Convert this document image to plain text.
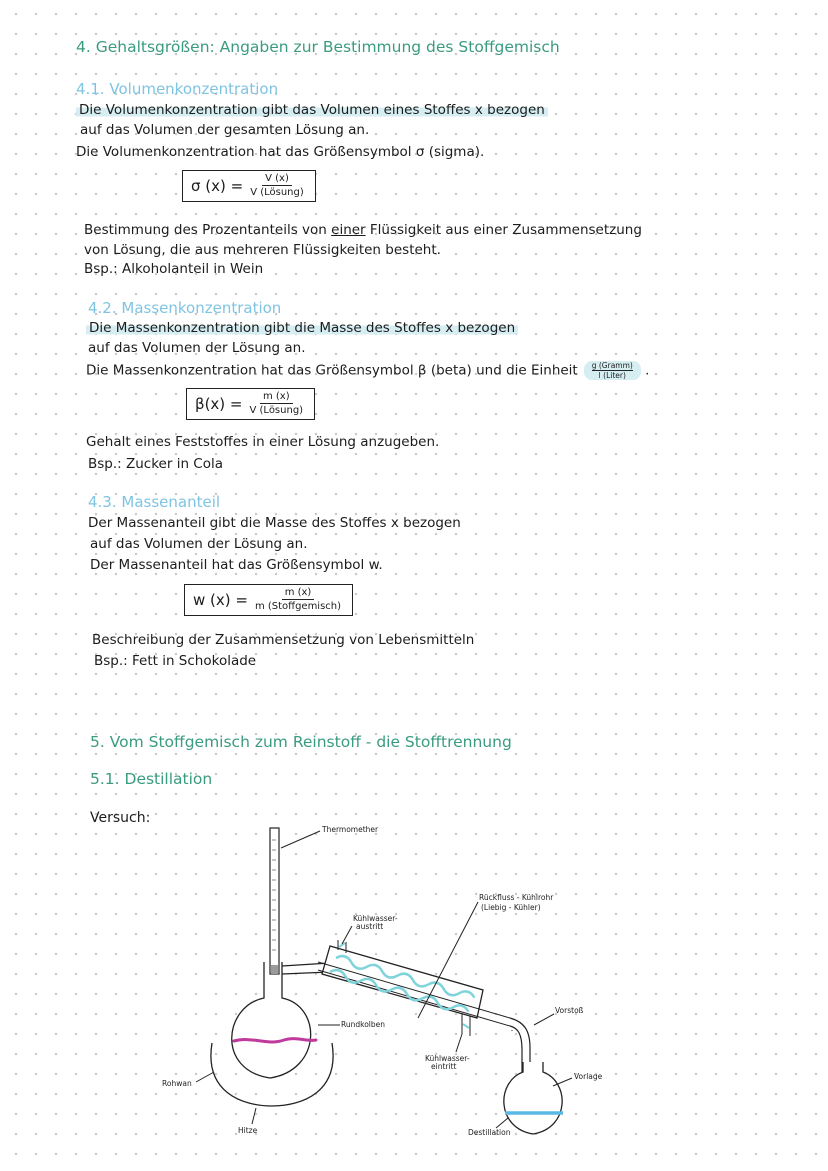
4. Gehaltsgrößen: Angaben zur Bestimmung des Stoffgemisch
4.1. Volumenkonzentration
Die Volumenkonzentration gibt das Volumen eines Stoffes x bezogen
auf das Volumen der gesamten Lösung an.
Die Volumenkonzentration hat das Größensymbol σ (sigma).
σ $(x) = \frac{V (x)}{\text{V (Lösung)}}$
Bestimmung des Prozentanteils von einer Flüssigkeit aus einer Zusammensetzung
von Lösung, die aus mehreren Flüssigkeiten besteht.
Bsp.: Alkoholanteil in Wein
4.2. Massenkonzentration
Die Massenkonzentration gibt die Masse des Stoffes x bezogen
auf das Volumen der Lösung an.
Die Massenkonzentration hat das Größensymbol β (beta) und die Einheit g (Gramm)
l (Liter) .
$\beta(x) = \frac{m (x)}{\text{V (Lösung)}}$
Gehalt eines Feststoffes in einer Lösung anzugeben.
Bsp.: Zucker in Cola
4.3. Massenanteil
Der Massenanteil gibt die Masse des Stoffes x bezogen
auf das Volumen der Lösung an.
Der Massenanteil hat das Größensymbol w.
w $(x) = \frac{m (x)}{\text{m (Stoffgemisch)}}$
Beschreibung der Zusammensetzung von Lebensmitteln
Bsp.: Fett in Schokolade
5. Vom Stoffgemisch zum Reinstoff - die Stofftrennung
5.1. Destillation
Versuch:
Thermomether
Kühlwasser-
austritt
Rückfluss - Kühlrohr
(Liebig - Kühler)
Rundkolben
Vorstoß
Kühlwasser-
eintritt
Vorlage
Rohwan
Hitze	Destillation
